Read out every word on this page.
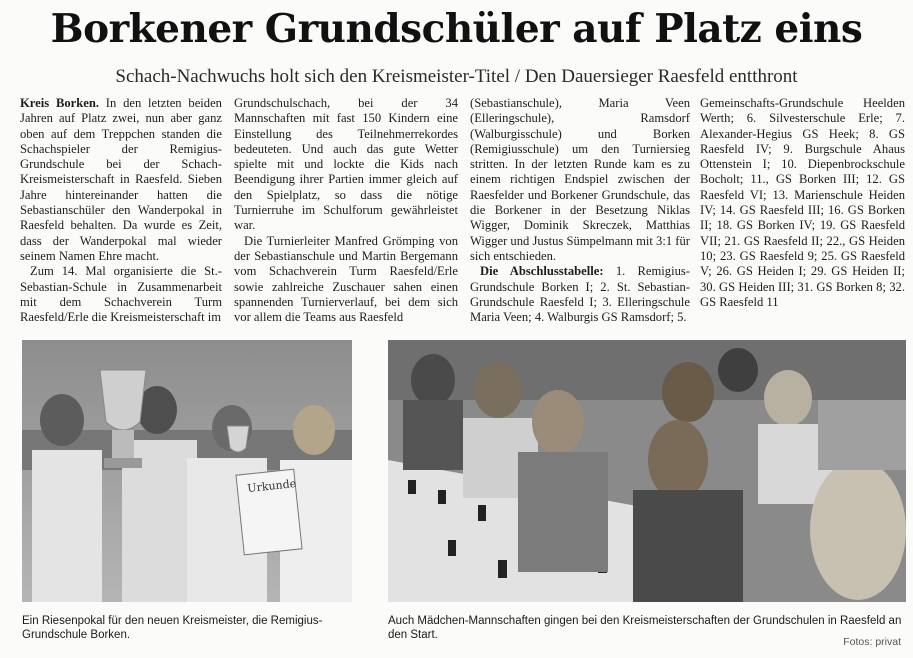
Borkener Grundschüler auf Platz eins
Schach-Nachwuchs holt sich den Kreismeister-Titel / Den Dauersieger Raesfeld entthront

Kreis Borken. In den letzten beiden Jahren auf Platz zwei, nun aber ganz oben auf dem Treppchen standen die Schachspieler der Remigius-Grundschule bei der Schach-Kreismeisterschaft in Raesfeld. Sieben Jahre hintereinander hatten die Sebastianschüler den Wanderpokal in Raesfeld behalten. Da wurde es Zeit, dass der Wanderpokal mal wieder seinem Namen Ehre macht.

Zum 14. Mal organisierte die St.-Sebastian-Schule in Zusammenarbeit mit dem Schachverein Turm Raesfeld/Erle die Kreismeisterschaft im

Grundschulschach, bei der 34 Mannschaften mit fast 150 Kindern eine Einstellung des Teilnehmerrekordes bedeuteten. Und auch das gute Wetter spielte mit und lockte die Kids nach Beendigung ihrer Partien immer gleich auf den Spielplatz, so dass die nötige Turnierruhe im Schulforum gewährleistet war.

Die Turnierleiter Manfred Grömping von der Sebastianschule und Martin Bergemann vom Schachverein Turm Raesfeld/Erle sowie zahlreiche Zuschauer sahen einen spannenden Turnierverlauf, bei dem sich vor allem die Teams aus Raesfeld

(Sebastianschule), Maria Veen (Elleringschule), Ramsdorf (Walburgisschule) und Borken (Remigiusschule) um den Turniersieg stritten. In der letzten Runde kam es zu einem richtigen Endspiel zwischen der Raesfelder und Borkener Grundschule, das die Borkener in der Besetzung Niklas Wigger, Dominik Skreczek, Matthias Wigger und Justus Sümpelmann mit 3:1 für sich entschieden.

Die Abschlusstabelle: 1. Remigius-Grundschule Borken I; 2. St. Sebastian-Grundschule Raesfeld I; 3. Elleringschule Maria Veen; 4. Walburgis GS Ramsdorf; 5.

Gemeinschafts-Grundschule Heelden Werth; 6. Silvesterschule Erle; 7. Alexander-Hegius GS Heek; 8. GS Raesfeld IV; 9. Burgschule Ahaus Ottenstein I; 10. Diepenbrockschule Bocholt; 11., GS Borken III; 12. GS Raesfeld VI; 13. Marienschule Heiden IV; 14. GS Raesfeld III; 16. GS Borken II; 18. GS Borken IV; 19. GS Raesfeld VII; 21. GS Raesfeld II; 22., GS Heiden 10; 23. GS Raesfeld 9; 25. GS Raesfeld V; 26. GS Heiden I; 29. GS Heiden II; 30. GS Heiden III; 31. GS Borken 8; 32. GS Raesfeld 11

Urkunde
Ein Riesenpokal für den neuen Kreismeister, die Remigius-Grundschule Borken.
Auch Mädchen-Mannschaften gingen bei den Kreismeisterschaften der Grundschulen in Raesfeld an den Start.
Fotos: privat
